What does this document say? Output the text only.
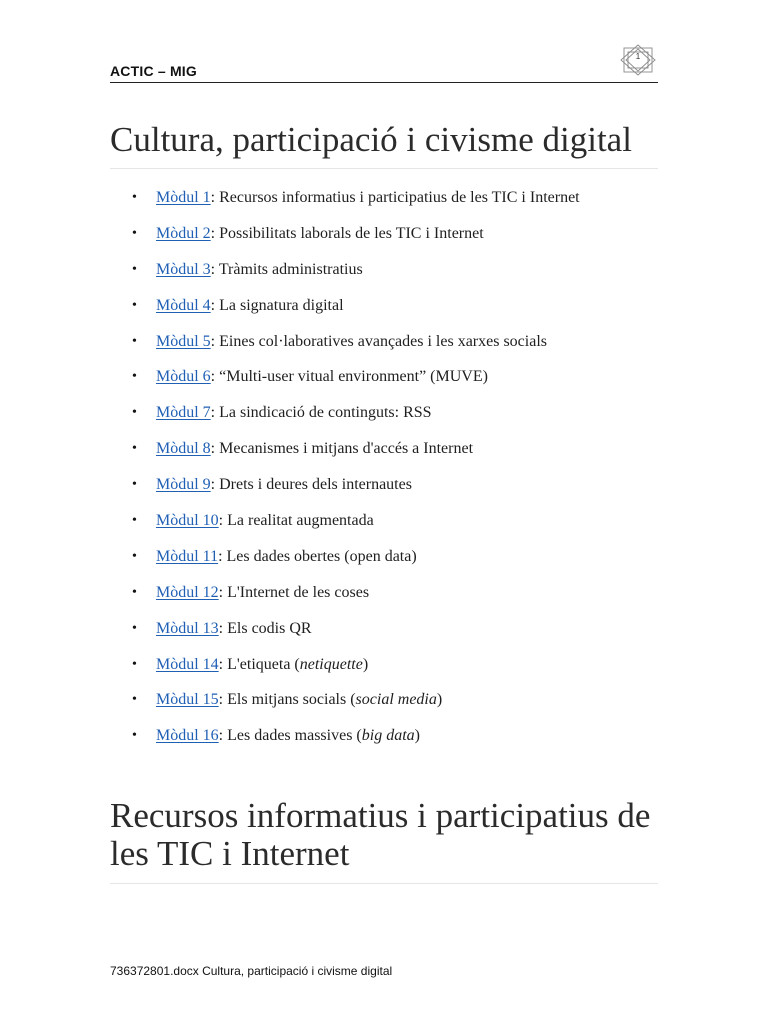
ACTIC – MIG
1
Cultura, participació i civisme digital
• Mòdul 1: Recursos informatius i participatius de les TIC i Internet
• Mòdul 2: Possibilitats laborals de les TIC i Internet
• Mòdul 3: Tràmits administratius
• Mòdul 4: La signatura digital
• Mòdul 5: Eines col·laboratives avançades i les xarxes socials
• Mòdul 6: “Multi-user vitual environment” (MUVE)
• Mòdul 7: La sindicació de continguts: RSS
• Mòdul 8: Mecanismes i mitjans d'accés a Internet
• Mòdul 9: Drets i deures dels internautes
• Mòdul 10: La realitat augmentada
• Mòdul 11: Les dades obertes (open data)
• Mòdul 12: L'Internet de les coses
• Mòdul 13: Els codis QR
• Mòdul 14: L'etiqueta (netiquette)
• Mòdul 15: Els mitjans socials (social media)
• Mòdul 16: Les dades massives (big data)
Recursos informatius i participatius de les TIC i Internet
736372801.docx Cultura, participació i civisme digital
